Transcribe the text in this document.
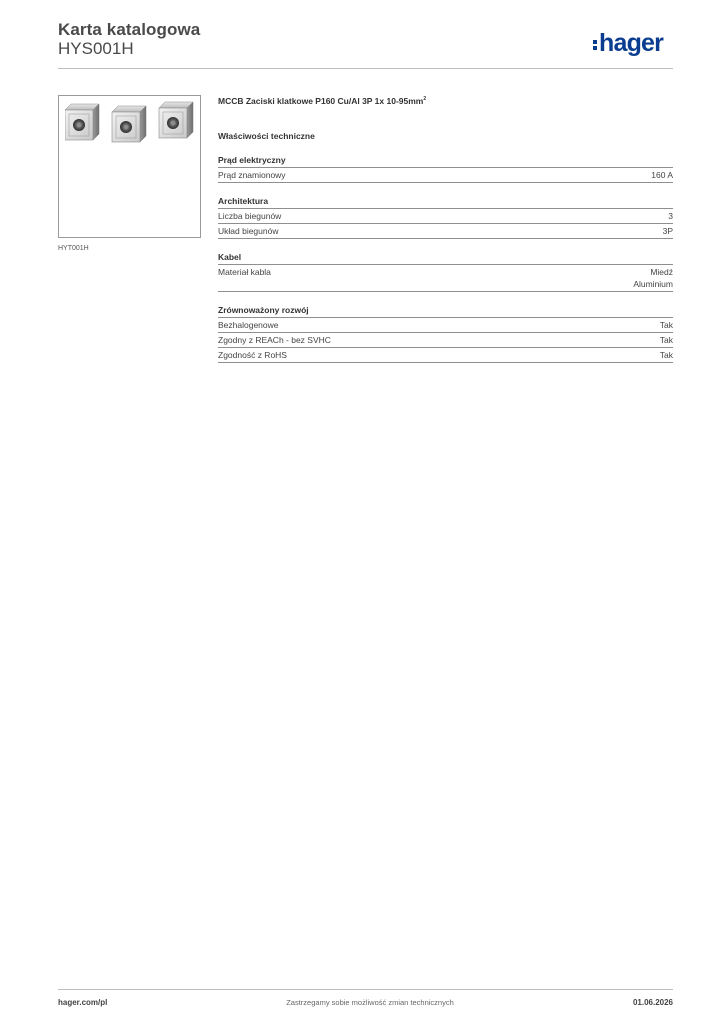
Karta katalogowa
HYS001H	hager
HYT001H
MCCB Zaciski klatkowe P160 Cu/Al 3P 1x $10-95mm^2$
Właściwości techniczne
Prąd elektryczny
Prąd znamionowy	160 A
Architektura
Liczba biegunów	3
Układ biegunów	3P
Kabel
Materiał kabla	Miedź
Aluminium
Zrównoważony rozwój
Bezhalogenowe	Tak
Zgodny z REACh - bez SVHC	Tak
Zgodność z RoHS	Tak
hager.com/pl	Zastrzegamy sobie możliwość zmian technicznych	01.06.2026
